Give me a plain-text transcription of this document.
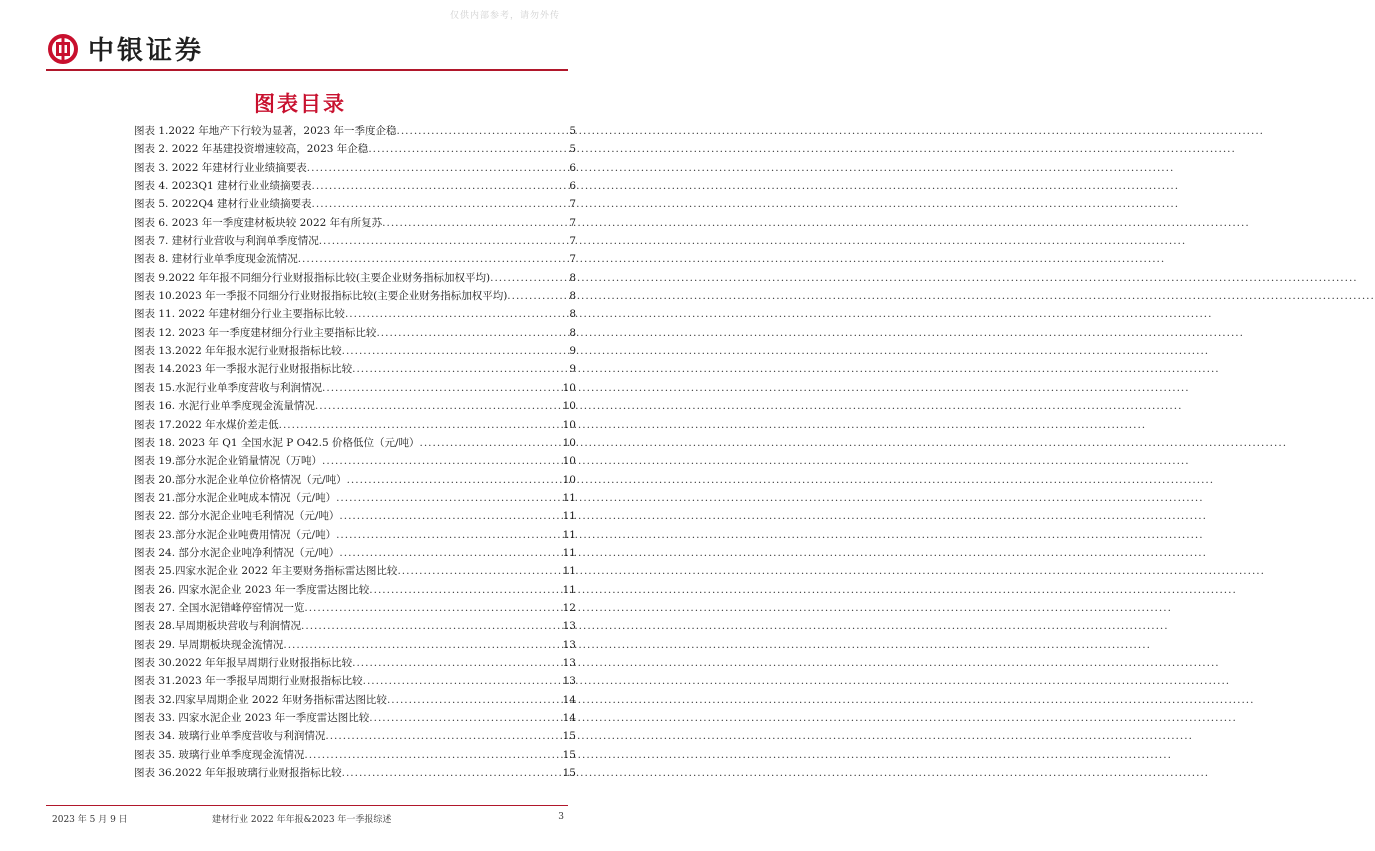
仅供内部参考，请勿外传
中银证券
图表目录
图表 1.2022 年地产下行较为显著，2023 年一季度企稳 .....	5
图表 2. 2022 年基建投资增速较高，2023 年企稳 .....	5
图表 3. 2022 年建材行业业绩摘要表 .....	6
图表 4. 2023Q1 建材行业业绩摘要表 .....	6
图表 5. 2022Q4 建材行业业绩摘要表 .....	7
图表 6. 2023 年一季度建材板块较 2022 年有所复苏 .....	7
图表 7. 建材行业营收与利润单季度情况 .....	7
图表 8. 建材行业单季度现金流情况 .....	7
图表 9.2022 年年报不同细分行业财报指标比较(主要企业财务指标加权平均) .....	8
图表 10.2023 年一季报不同细分行业财报指标比较(主要企业财务指标加权平均) .....	8
图表 11. 2022 年建材细分行业主要指标比较 .....	8
图表 12. 2023 年一季度建材细分行业主要指标比较 .....	8
图表 13.2022 年年报水泥行业财报指标比较 .....	9
图表 14.2023 年一季报水泥行业财报指标比较 .....	9
图表 15.水泥行业单季度营收与利润情况 .....	10
图表 16. 水泥行业单季度现金流量情况 .....	10
图表 17.2022 年水煤价差走低 .....	10
图表 18. 2023 年 Q1 全国水泥 P O42.5 价格低位（元/吨） .....	10
图表 19.部分水泥企业销量情况（万吨） .....	10
图表 20.部分水泥企业单位价格情况（元/吨） .....	10
图表 21.部分水泥企业吨成本情况（元/吨） .....	11
图表 22. 部分水泥企业吨毛利情况（元/吨） .....	11
图表 23.部分水泥企业吨费用情况（元/吨） .....	11
图表 24. 部分水泥企业吨净利情况（元/吨） .....	11
图表 25.四家水泥企业 2022 年主要财务指标雷达图比较 .....	11
图表 26. 四家水泥企业 2023 年一季度雷达图比较 .....	11
图表 27. 全国水泥错峰停窑情况一览 .....	12
图表 28.早周期板块营收与利润情况 .....	13
图表 29. 早周期板块现金流情况 .....	13
图表 30.2022 年年报早周期行业财报指标比较 .....	13
图表 31.2023 年一季报早周期行业财报指标比较 .....	13
图表 32.四家早周期企业 2022 年财务指标雷达图比较 .....	14
图表 33. 四家水泥企业 2023 年一季度雷达图比较 .....	14
图表 34. 玻璃行业单季度营收与利润情况 .....	15
图表 35. 玻璃行业单季度现金流情况 .....	15
图表 36.2022 年年报玻璃行业财报指标比较 .....	15
2023 年 5 月 9 日	建材行业 2022 年年报&2023 年一季报综述	3
